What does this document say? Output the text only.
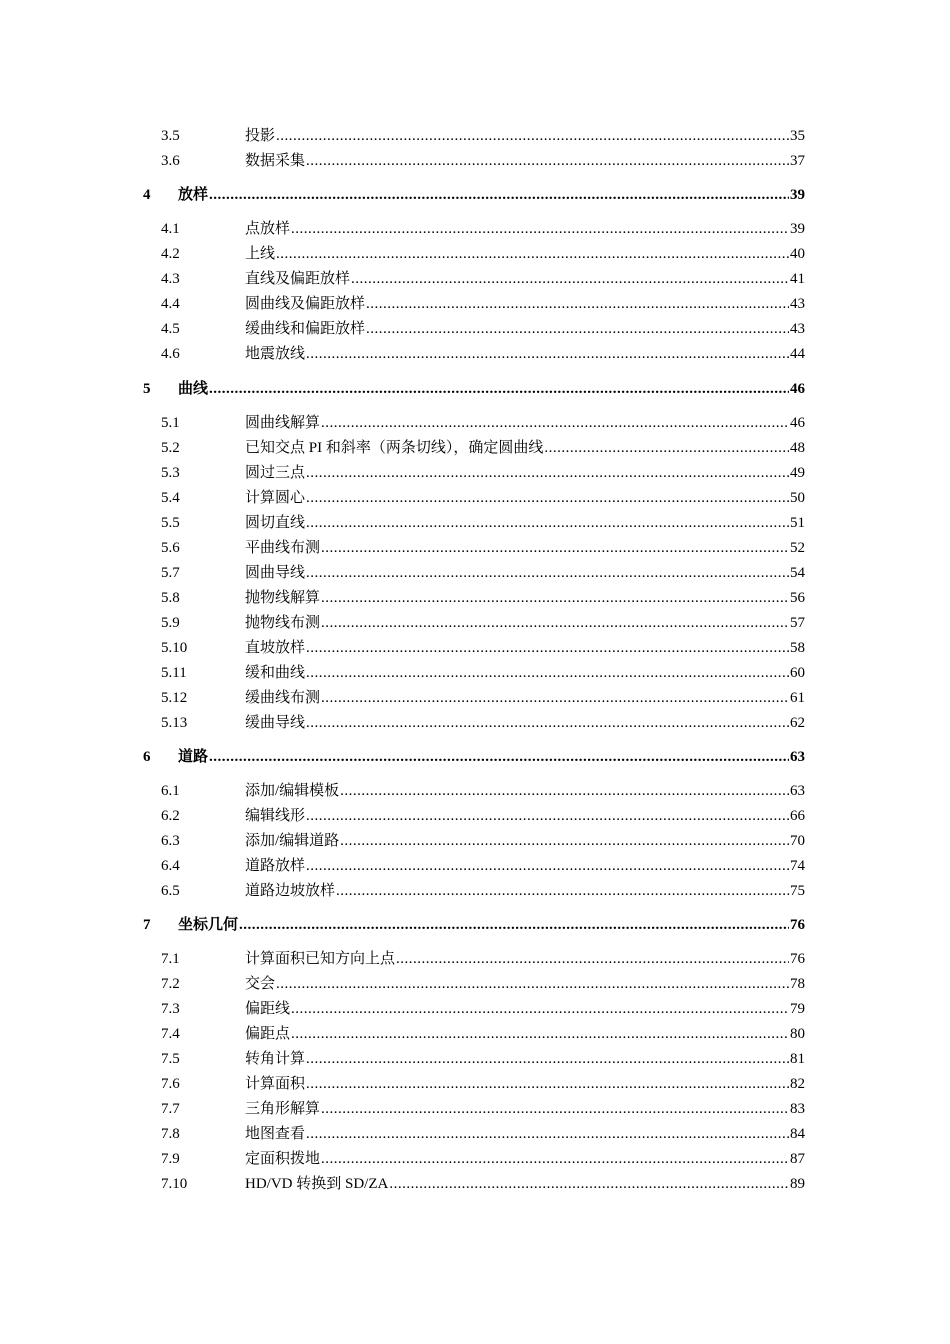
3.5	投影 .....	35
3.6	数据采集 .....	37
4 放样 .....	39
4.1	点放样 .....	39
4.2	上线 .....	40
4.3	直线及偏距放样 .....	41
4.4	圆曲线及偏距放样 .....	43
4.5	缓曲线和偏距放样 .....	43
4.6	地震放线 .....	44
5 曲线 .....	46
5.1	圆曲线解算 .....	46
5.2	已知交点 PI 和斜率（两条切线），确定圆曲线 .....	48
5.3	圆过三点 .....	49
5.4	计算圆心 .....	50
5.5	圆切直线 .....	51
5.6	平曲线布测 .....	52
5.7	圆曲导线 .....	54
5.8	抛物线解算 .....	56
5.9	抛物线布测 .....	57
5.10	直坡放样 .....	58
5.11	缓和曲线 .....	60
5.12	缓曲线布测 .....	61
5.13	缓曲导线 .....	62
6 道路 .....	63
6.1	添加/编辑模板 .....	63
6.2	编辑线形 .....	66
6.3	添加/编辑道路 .....	70
6.4	道路放样 .....	74
6.5	道路边坡放样 .....	75
7 坐标几何 .....	76
7.1	计算面积已知方向上点 .....	76
7.2	交会 .....	78
7.3	偏距线 .....	79
7.4	偏距点 .....	80
7.5	转角计算 .....	81
7.6	计算面积 .....	82
7.7	三角形解算 .....	83
7.8	地图查看 .....	84
7.9	定面积拨地 .....	87
7.10	HD/VD 转换到 SD/ZA .....	89
